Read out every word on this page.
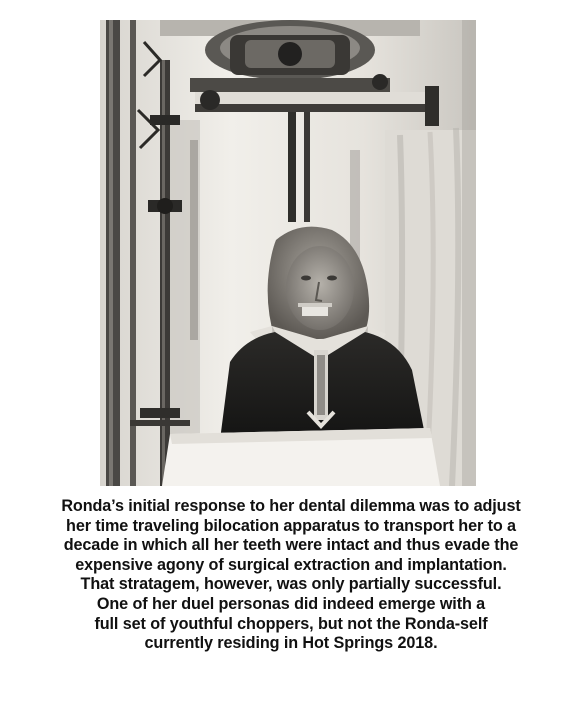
Ronda’s initial response to her dental dilemma was to adjust
her time traveling bilocation apparatus to transport her to a
decade in which all her teeth were intact and thus evade the
expensive agony of surgical extraction and implantation.
That stratagem, however, was only partially successful.
One of her duel personas did indeed emerge with a
full set of youthful choppers, but not the Ronda-self
currently residing in Hot Springs 2018.
